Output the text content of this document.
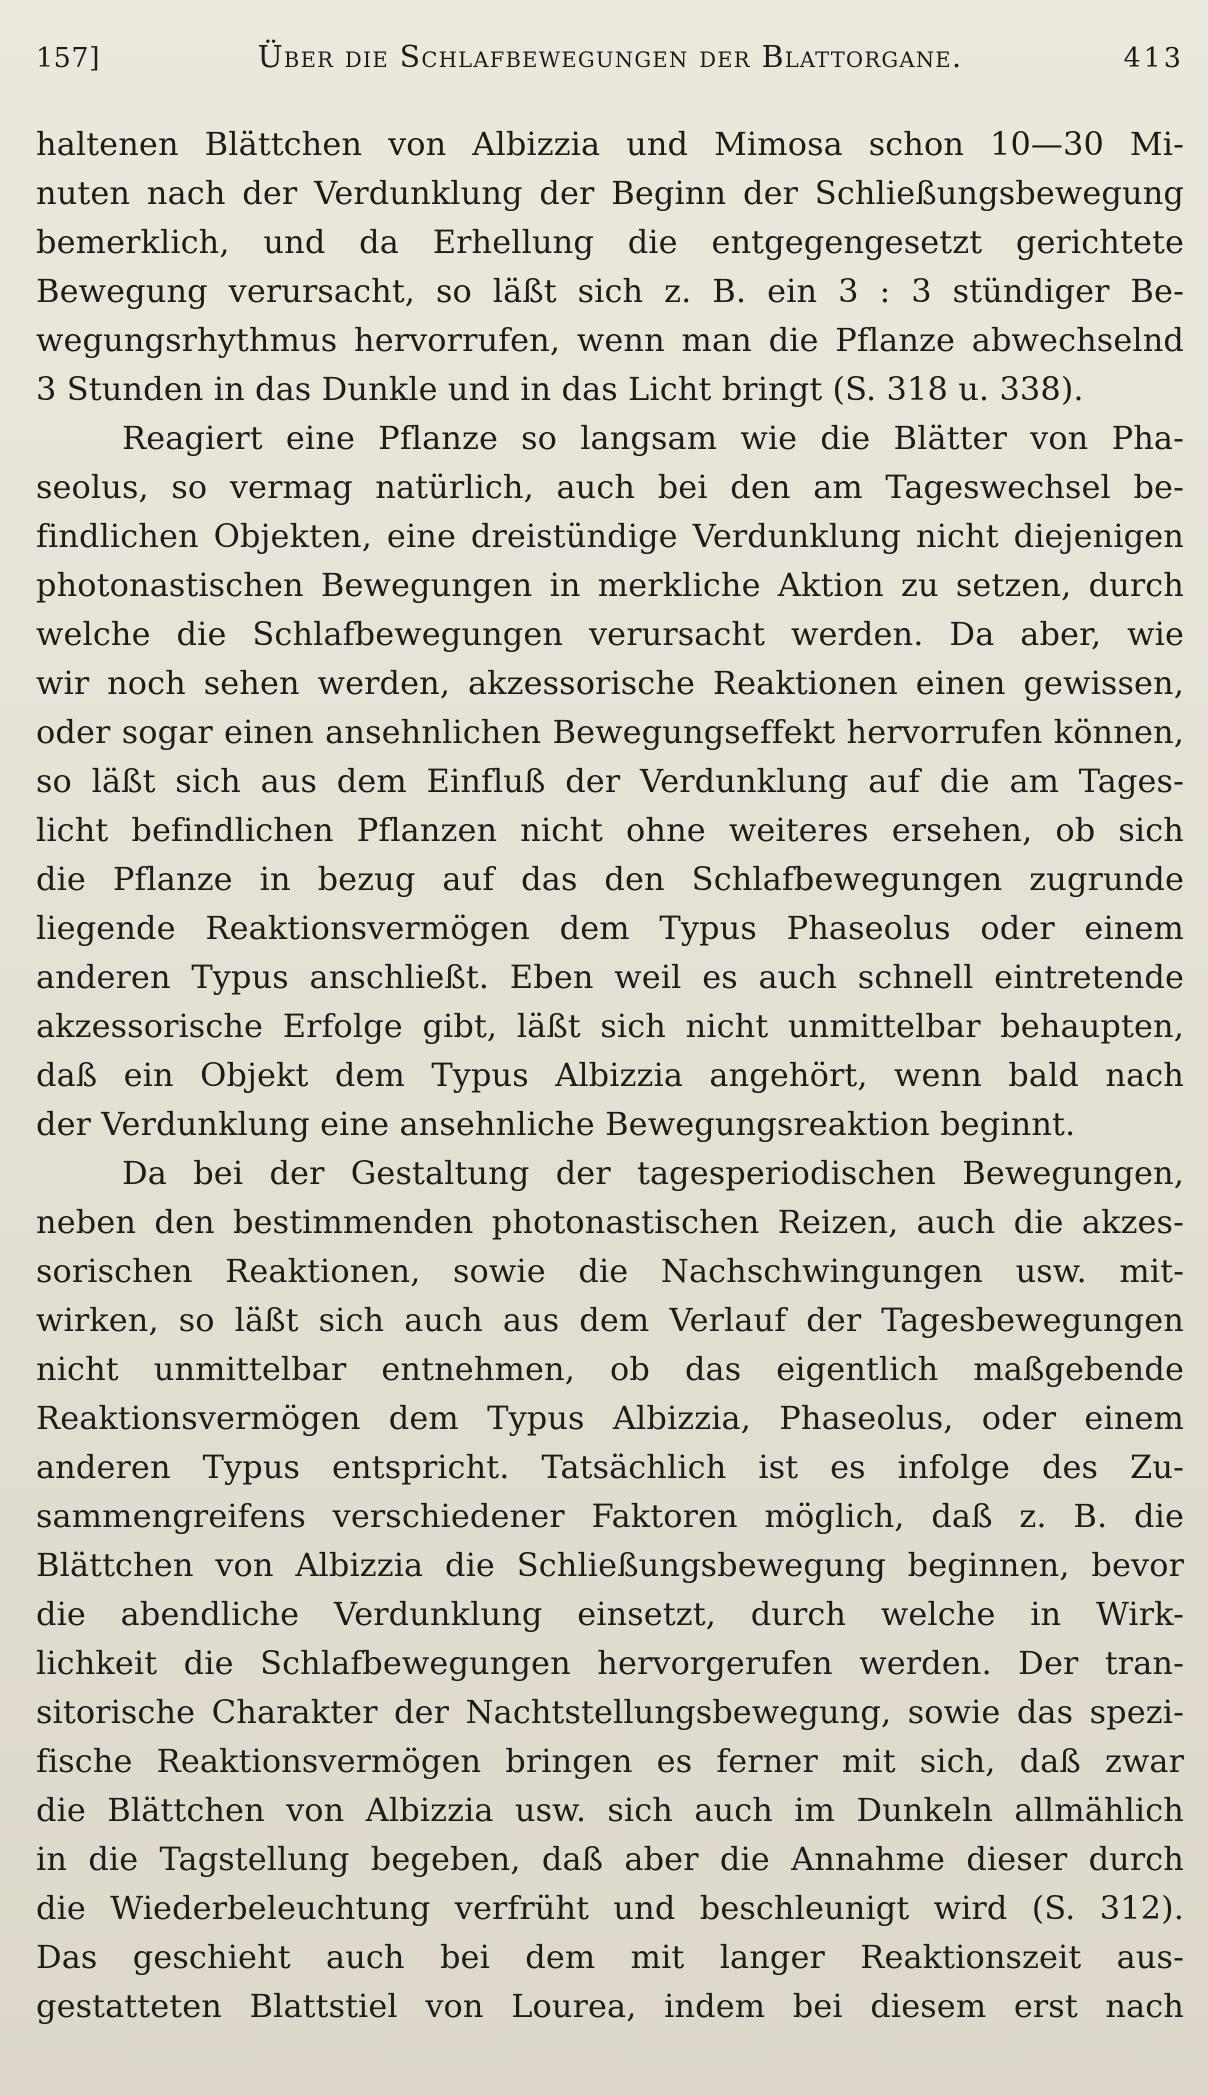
157]	Über die Schlafbewegungen der Blattorgane.	413
haltenen Blättchen von Albizzia und Mimosa schon 10—30 Mi-
nuten nach der Verdunklung der Beginn der Schließungsbewegung
bemerklich, und da Erhellung die entgegengesetzt gerichtete
Bewegung verursacht, so läßt sich z. B. ein 3 : 3 stündiger Be-
wegungsrhythmus hervorrufen, wenn man die Pflanze abwechselnd
3 Stunden in das Dunkle und in das Licht bringt (S. 318 u. 338).
Reagiert eine Pflanze so langsam wie die Blätter von Pha-
seolus, so vermag natürlich, auch bei den am Tageswechsel be-
findlichen Objekten, eine dreistündige Verdunklung nicht diejenigen
photonastischen Bewegungen in merkliche Aktion zu setzen, durch
welche die Schlafbewegungen verursacht werden. Da aber, wie
wir noch sehen werden, akzessorische Reaktionen einen gewissen,
oder sogar einen ansehnlichen Bewegungseffekt hervorrufen können,
so läßt sich aus dem Einfluß der Verdunklung auf die am Tages-
licht befindlichen Pflanzen nicht ohne weiteres ersehen, ob sich
die Pflanze in bezug auf das den Schlafbewegungen zugrunde
liegende Reaktionsvermögen dem Typus Phaseolus oder einem
anderen Typus anschließt. Eben weil es auch schnell eintretende
akzessorische Erfolge gibt, läßt sich nicht unmittelbar behaupten,
daß ein Objekt dem Typus Albizzia angehört, wenn bald nach
der Verdunklung eine ansehnliche Bewegungsreaktion beginnt.
Da bei der Gestaltung der tagesperiodischen Bewegungen,
neben den bestimmenden photonastischen Reizen, auch die akzes-
sorischen Reaktionen, sowie die Nachschwingungen usw. mit-
wirken, so läßt sich auch aus dem Verlauf der Tagesbewegungen
nicht unmittelbar entnehmen, ob das eigentlich maßgebende
Reaktionsvermögen dem Typus Albizzia, Phaseolus, oder einem
anderen Typus entspricht. Tatsächlich ist es infolge des Zu-
sammengreifens verschiedener Faktoren möglich, daß z. B. die
Blättchen von Albizzia die Schließungsbewegung beginnen, bevor
die abendliche Verdunklung einsetzt, durch welche in Wirk-
lichkeit die Schlafbewegungen hervorgerufen werden. Der tran-
sitorische Charakter der Nachtstellungsbewegung, sowie das spezi-
fische Reaktionsvermögen bringen es ferner mit sich, daß zwar
die Blättchen von Albizzia usw. sich auch im Dunkeln allmählich
in die Tagstellung begeben, daß aber die Annahme dieser durch
die Wiederbeleuchtung verfrüht und beschleunigt wird (S. 312).
Das geschieht auch bei dem mit langer Reaktionszeit aus-
gestatteten Blattstiel von Lourea, indem bei diesem erst nach
